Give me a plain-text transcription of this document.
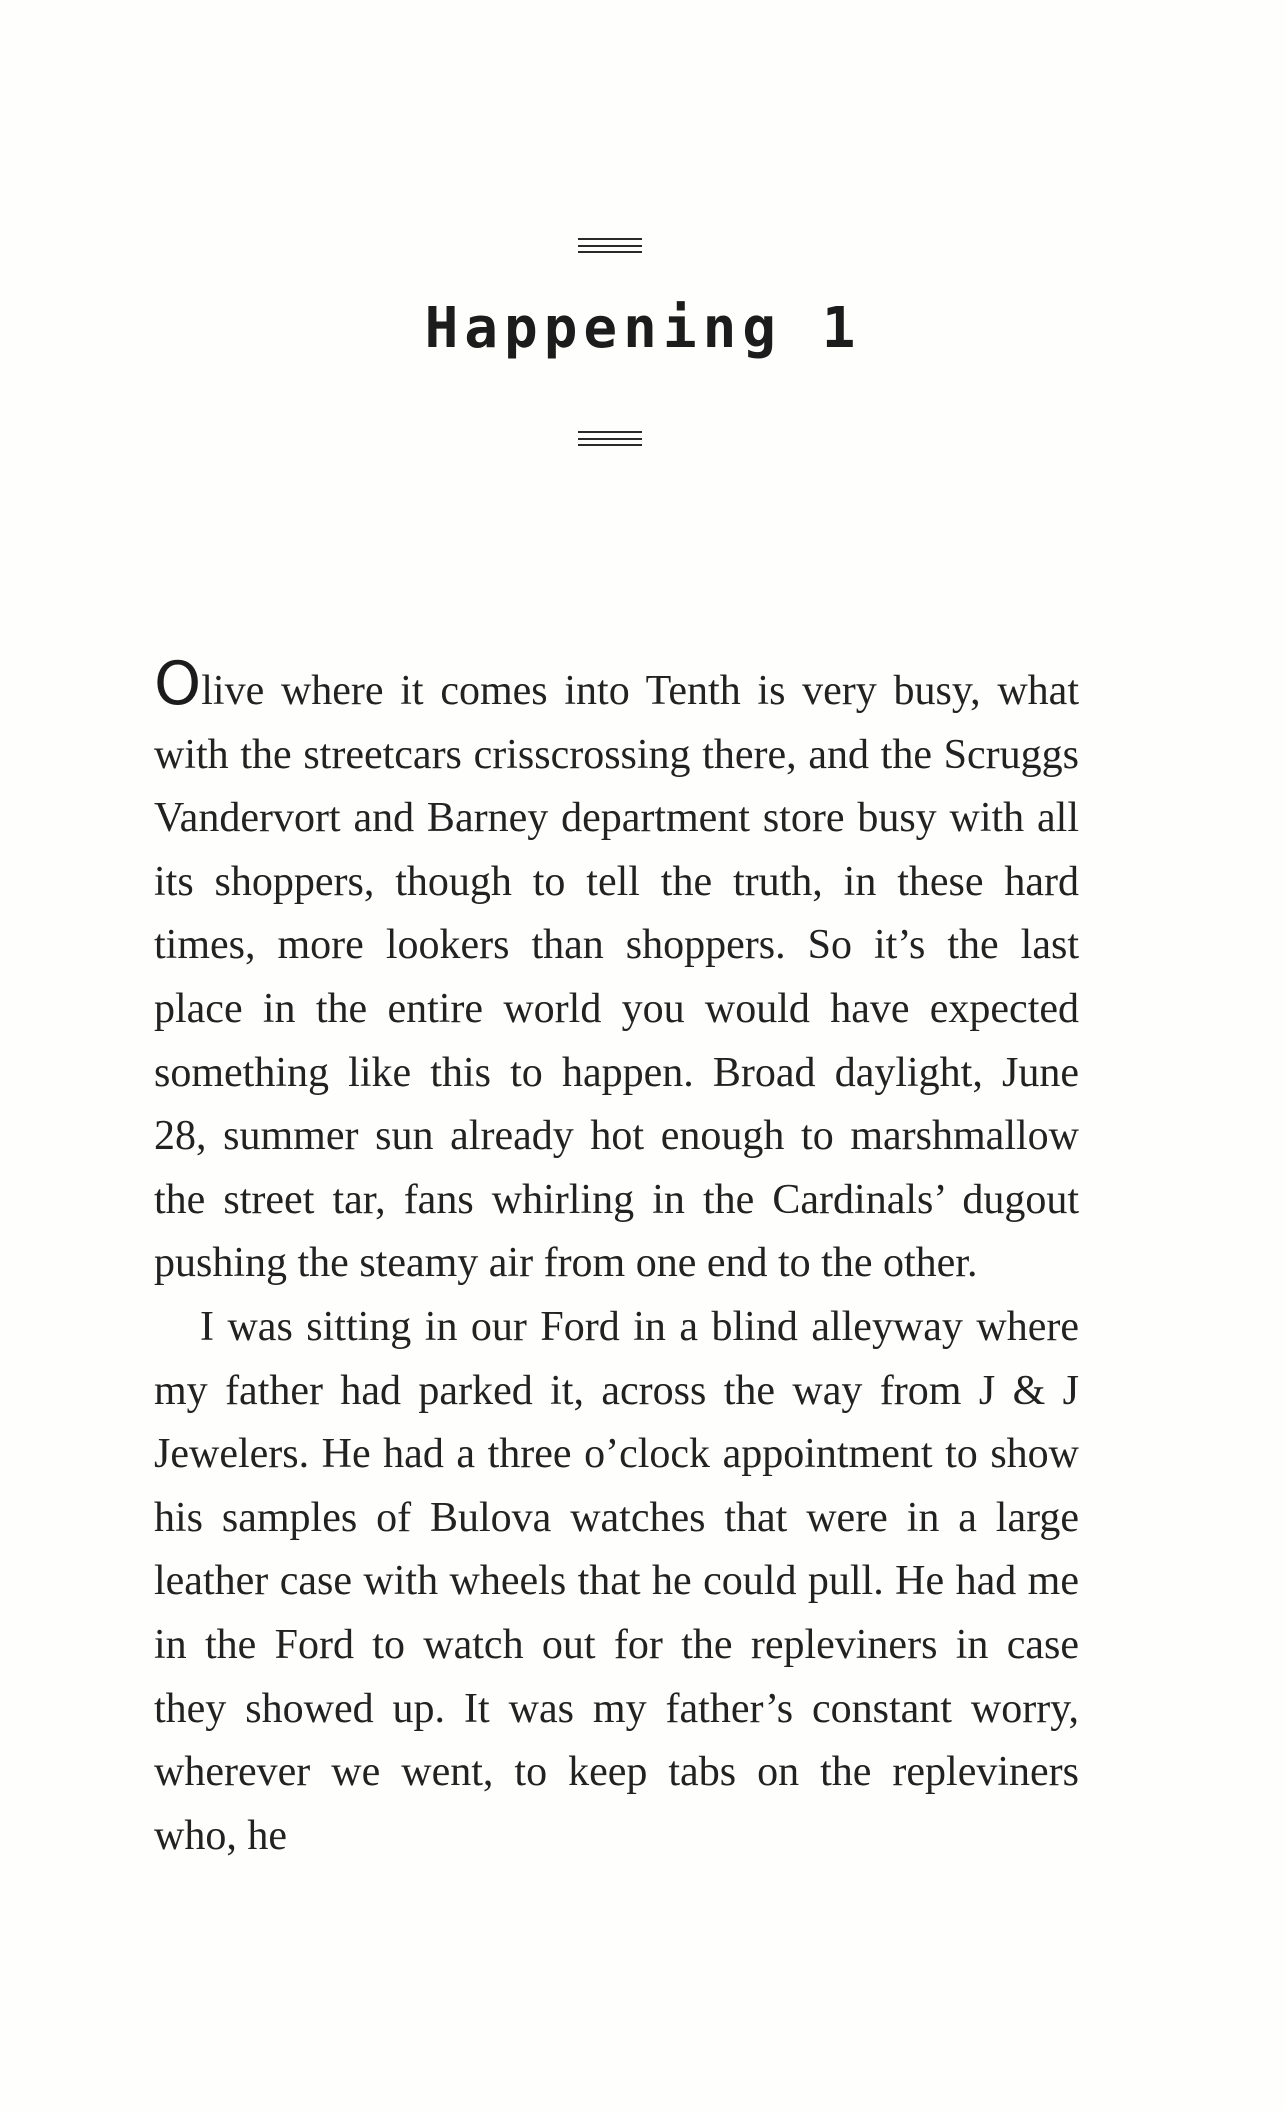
Happening 1

Olive where it comes into Tenth is very busy, what with the streetcars crisscrossing there, and the Scruggs Vandervort and Barney department store busy with all its shoppers, though to tell the truth, in these hard times, more lookers than shoppers. So it’s the last place in the entire world you would have expected something like this to happen. Broad daylight, June 28, summer sun already hot enough to marshmallow the street tar, fans whirling in the Cardinals’ dugout pushing the steamy air from one end to the other.

I was sitting in our Ford in a blind alleyway where my father had parked it, across the way from J & J Jewelers. He had a three o’clock appointment to show his samples of Bulova watches that were in a large leather case with wheels that he could pull. He had me in the Ford to watch out for the repleviners in case they showed up. It was my father’s constant worry, wherever we went, to keep tabs on the repleviners who, he
